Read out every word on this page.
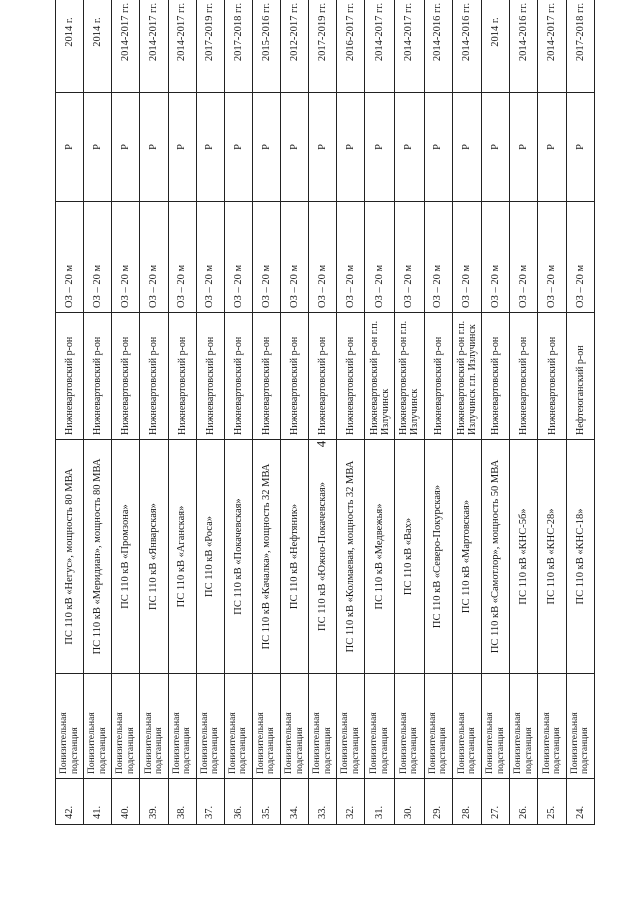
4
42.	Понизительная подстанция	ПС 110 кВ «Негус», мощность 80 МВА	Нижневартовский р-он	ОЗ – 20 м	Р	2014 г.
41.	Понизительная подстанция	ПС 110 кВ «Меридиан», мощность 80 МВА	Нижневартовский р-он	ОЗ – 20 м	Р	2014 г.
40.	Понизительная подстанция	ПС 110 кВ «Промзона»	Нижневартовский р-он	ОЗ – 20 м	Р	2014-2017 гг.
39.	Понизительная подстанция	ПС 110 кВ «Январская»	Нижневартовский р-он	ОЗ – 20 м	Р	2014-2017 гг.
38.	Понизительная подстанция	ПС 110 кВ «Аганская»	Нижневартовский р-он	ОЗ – 20 м	Р	2014-2017 гг.
37.	Понизительная подстанция	ПС 110 кВ «Роса»	Нижневартовский р-он	ОЗ – 20 м	Р	2017-2019 гг.
36.	Понизительная подстанция	ПС 110 кВ «Покачевская»	Нижневартовский р-он	ОЗ – 20 м	Р	2017-2018 гг.
35.	Понизительная подстанция	ПС 110 кВ «Качалка», мощность 32 МВА	Нижневартовский р-он	ОЗ – 20 м	Р	2015-2016 гг.
34.	Понизительная подстанция	ПС 110 кВ «Нефтяник»	Нижневартовский р-он	ОЗ – 20 м	Р	2012-2017 гг.
33.	Понизительная подстанция	ПС 110 кВ «Южно-Покачевская»	Нижневартовский р-он	ОЗ – 20 м	Р	2017-2019 гг.
32.	Понизительная подстанция	ПС 110 кВ «Колмаевая, мощность 32 МВА	Нижневартовский р-он	ОЗ – 20 м	Р	2016-2017 гг.
31.	Понизительная подстанция	ПС 110 кВ «Медвежья»	Нижневартовский р-он г.п. Излучинск	ОЗ – 20 м	Р	2014-2017 гг.
30.	Понизительная подстанция	ПС 110 кВ «Вах»	Нижневартовский р-он г.п. Излучинск	ОЗ – 20 м	Р	2014-2017 гг.
29.	Понизительная подстанция	ПС 110 кВ «Северо-Покурская»	Нижневартовский р-он	ОЗ – 20 м	Р	2014-2016 гг.
28.	Понизительная подстанция	ПС 110 кВ «Мартовская»	Нижневартовский р-он г.п. Излучинск г.п. Излучинск	ОЗ – 20 м	Р	2014-2016 гг.
27.	Понизительная подстанция	ПС 110 кВ «Самотлор», мощность 50 МВА	Нижневартовский р-он	ОЗ – 20 м	Р	2014 г.
26.	Понизительная подстанция	ПС 110 кВ «КНС-5б»	Нижневартовский р-он	ОЗ – 20 м	Р	2014-2016 гг.
25.	Понизительная подстанция	ПС 110 кВ «КНС-28»	Нижневартовский р-он	ОЗ – 20 м	Р	2014-2017 гг.
24.	Понизительная подстанция	ПС 110 кВ «КНС-18»	Нефтеюганский р-он	ОЗ – 20 м	Р	2017-2018 гг.
